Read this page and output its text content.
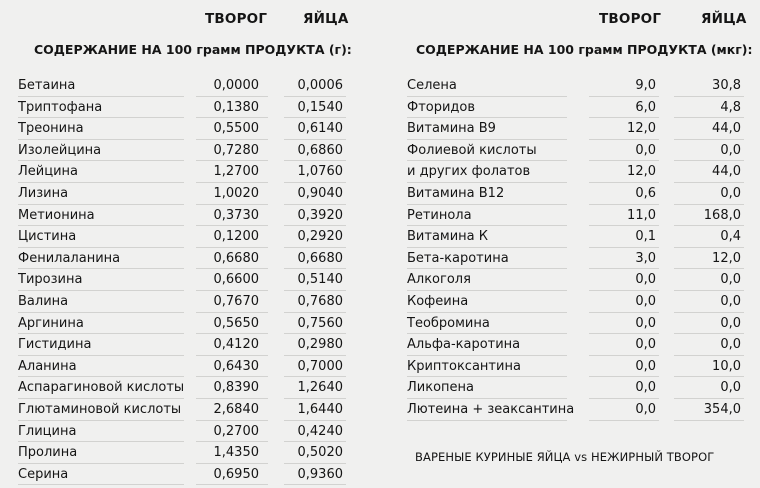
ТВОРОГ	ЯЙЦА
СОДЕРЖАНИЕ НА 100 грамм ПРОДУКТА (г):
Бетаина	0,0000	0,0006
Триптофана	0,1380	0,1540
Треонина	0,5500	0,6140
Изолейцина	0,7280	0,6860
Лейцина	1,2700	1,0760
Лизина	1,0020	0,9040
Метионина	0,3730	0,3920
Цистина	0,1200	0,2920
Фенилаланина	0,6680	0,6680
Тирозина	0,6600	0,5140
Валина	0,7670	0,7680
Аргинина	0,5650	0,7560
Гистидина	0,4120	0,2980
Аланина	0,6430	0,7000
Аспарагиновой кислоты 0,8390	1,2640
Глютаминовой кислоты 2,6840	1,6440
Глицина	0,2700	0,4240
Пролина	1,4350	0,5020
Серина	0,6950	0,9360
ТВОРОГ	ЯЙЦА
СОДЕРЖАНИЕ НА 100 грамм ПРОДУКТА (мкг):
Селена	9,0	30,8
Фторидов	6,0	4,8
Витамина В9	12,0	44,0
Фолиевой кислоты	0,0	0,0
и других фолатов	12,0	44,0
Витамина В12	0,6	0,0
Ретинола	11,0	168,0
Витамина К	0,1	0,4
Бета-каротина	3,0	12,0
Алкоголя	0,0	0,0
Кофеина	0,0	0,0
Теобромина	0,0	0,0
Альфа-каротина	0,0	0,0
Криптоксантина	0,0	10,0
Ликопена	0,0	0,0
Лютеина + зеаксантина	0,0	354,0
ВАРЕНЫЕ КУРИНЫЕ ЯЙЦА vs НЕЖИРНЫЙ ТВОРОГ
